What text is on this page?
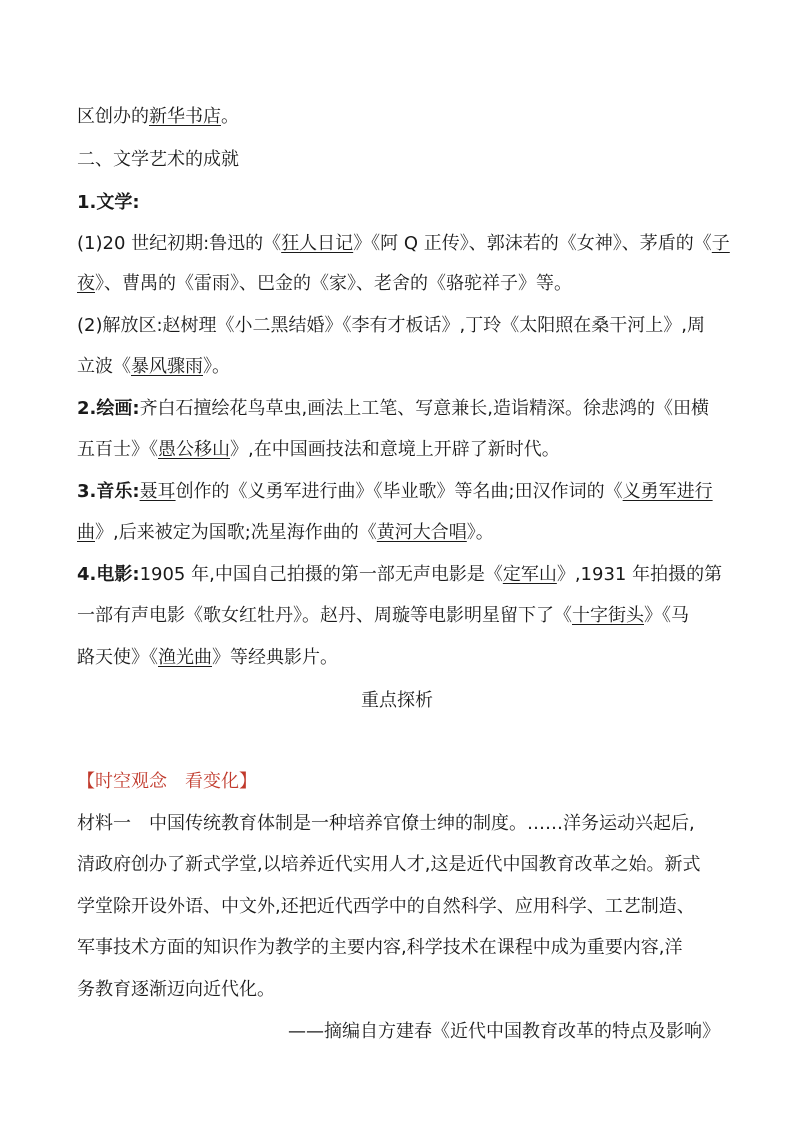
区创办的新华书店。
二、文学艺术的成就
1.文学:
(1)20 世纪初期:鲁迅的《狂人日记》《阿 Q 正传》、郭沫若的《女神》、茅盾的《子
夜》、曹禺的《雷雨》、巴金的《家》、老舍的《骆驼祥子》等。
(2)解放区:赵树理《小二黑结婚》《李有才板话》,丁玲《太阳照在桑干河上》,周
立波《暴风骤雨》。
2.绘画:齐白石擅绘花鸟草虫,画法上工笔、写意兼长,造诣精深。徐悲鸿的《田横
五百士》《愚公移山》,在中国画技法和意境上开辟了新时代。
3.音乐:聂耳创作的《义勇军进行曲》《毕业歌》等名曲;田汉作词的《义勇军进行
曲》,后来被定为国歌;冼星海作曲的《黄河大合唱》。
4.电影:1905 年,中国自己拍摄的第一部无声电影是《定军山》,1931 年拍摄的第
一部有声电影《歌女红牡丹》。赵丹、周璇等电影明星留下了《十字街头》《马
路天使》《渔光曲》等经典影片。
重点探析
【时空观念　看变化】
材料一　中国传统教育体制是一种培养官僚士绅的制度。……洋务运动兴起后,
清政府创办了新式学堂,以培养近代实用人才,这是近代中国教育改革之始。新式
学堂除开设外语、中文外,还把近代西学中的自然科学、应用科学、工艺制造、
军事技术方面的知识作为教学的主要内容,科学技术在课程中成为重要内容,洋
务教育逐渐迈向近代化。
——摘编自方建春《近代中国教育改革的特点及影响》
